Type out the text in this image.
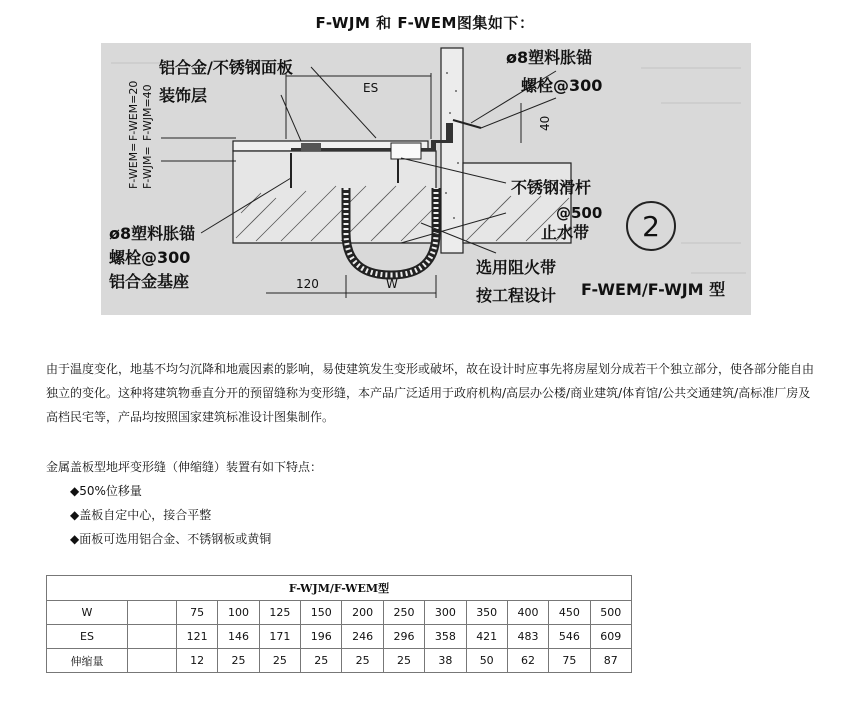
F-WJM 和 F-WEM图集如下：
2
铝合金/不锈钢面板
装饰层	ES
ø8塑料胀锚
螺栓@300
40
F-WEM=20 F-WJM=40
F-WEM= F-WJM=	不锈钢滑杆
@500
止水带
ø8塑料胀锚
螺栓@300
铝合金基座	120	W
选用阻火带
按工程设计 F-WEM/F-WJM 型
由于温度变化，地基不均匀沉降和地震因素的影响，易使建筑发生变形或破坏，故在设计时应事先将房屋划分成若干个独立部分，使各部分能自由独立的变化。这种将建筑物垂直分开的预留缝称为变形缝，本产品广泛适用于政府机构/高层办公楼/商业建筑/体育馆/公共交通建筑/高标准厂房及高档民宅等，产品均按照国家建筑标准设计图集制作。
金属盖板型地坪变形缝（伸缩缝）装置有如下特点：
◆50%位移量
◆盖板自定中心，接合平整
◆面板可选用铝合金、不锈钢板或黄铜
F-WJM/F-WEM型												
W		75	100	125	150	200	250	300	350	400	450	500
ES		121	146	171	196	246	296	358	421	483	546	609
伸缩量		12	25	25	25	25	25	38	50	62	75	87
